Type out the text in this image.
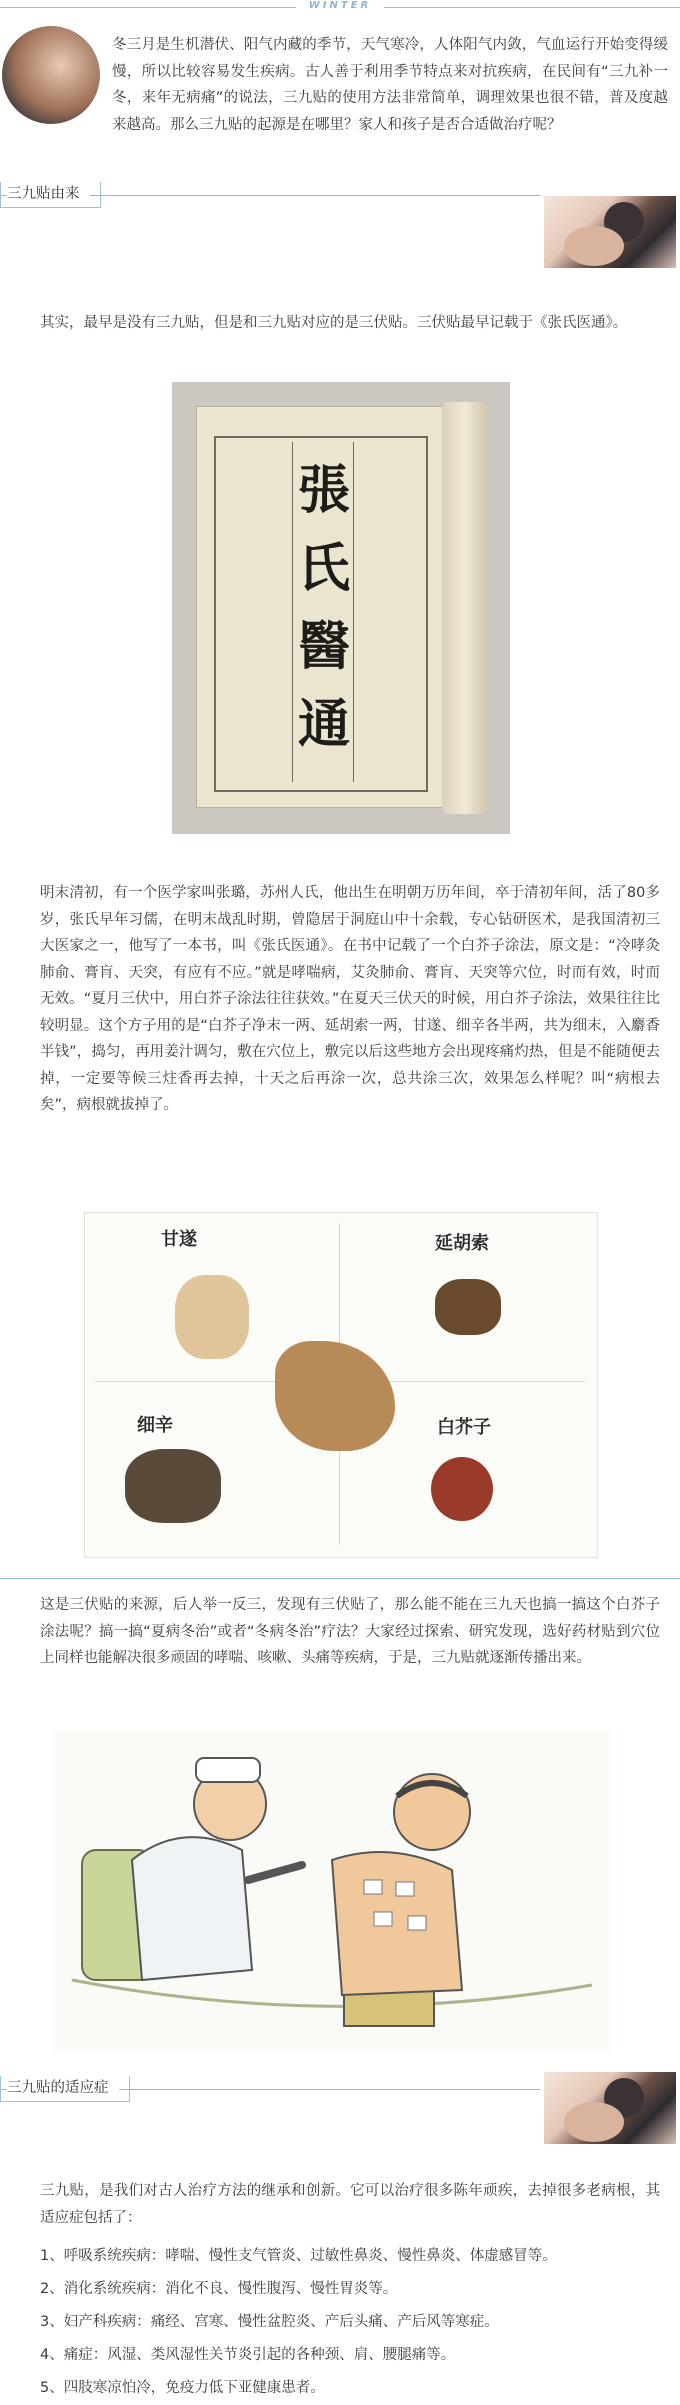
WINTER

冬三月是生机潜伏、阳气内藏的季节，天气寒冷，人体阳气内敛，气血运行开始变得缓慢，所以比较容易发生疾病。古人善于利用季节特点来对抗疾病，在民间有“三九补一冬，来年无病痛”的说法，三九贴的使用方法非常简单，调理效果也很不错，普及度越来越高。那么三九贴的起源是在哪里？家人和孩子是否合适做治疗呢？

三九贴由来

其实，最早是没有三九贴，但是和三九贴对应的是三伏贴。三伏贴最早记载于《张氏医通》。

張氏醫通

明末清初，有一个医学家叫张璐，苏州人氏，他出生在明朝万历年间，卒于清初年间，活了80多岁，张氏早年习儒，在明末战乱时期，曾隐居于洞庭山中十余载，专心钻研医术，是我国清初三大医家之一，他写了一本书，叫《张氏医通》。在书中记载了一个白芥子涂法，原文是：“冷哮灸肺俞、膏肓、天突，有应有不应。”就是哮喘病，艾灸肺俞、膏肓、天突等穴位，时而有效，时而无效。“夏月三伏中，用白芥子涂法往往获效。”在夏天三伏天的时候，用白芥子涂法，效果往往比较明显。这个方子用的是“白芥子净末一两、延胡索一两，甘遂、细辛各半两，共为细末，入麝香半钱”，捣匀，再用姜汁调匀，敷在穴位上，敷完以后这些地方会出现疼痛灼热，但是不能随便去掉，一定要等候三炷香再去掉，十天之后再涂一次，总共涂三次，效果怎么样呢？叫“病根去矣”，病根就拔掉了。

甘遂	延胡索
细辛	白芥子

这是三伏贴的来源，后人举一反三，发现有三伏贴了，那么能不能在三九天也搞一搞这个白芥子涂法呢？搞一搞“夏病冬治”或者“冬病冬治”疗法？大家经过探索、研究发现，选好药材贴到穴位上同样也能解决很多顽固的哮喘、咳嗽、头痛等疾病，于是，三九贴就逐渐传播出来。

三九贴的适应症

三九贴，是我们对古人治疗方法的继承和创新。它可以治疗很多陈年顽疾，去掉很多老病根，其适应症包括了：

1、呼吸系统疾病：哮喘、慢性支气管炎、过敏性鼻炎、慢性鼻炎、体虚感冒等。

2、消化系统疾病：消化不良、慢性腹泻、慢性胃炎等。

3、妇产科疾病：痛经、宫寒、慢性盆腔炎、产后头痛、产后风等寒症。

4、痛症：风湿、类风湿性关节炎引起的各种颈、肩、腰腿痛等。

5、四肢寒凉怕冷，免疫力低下亚健康患者。
